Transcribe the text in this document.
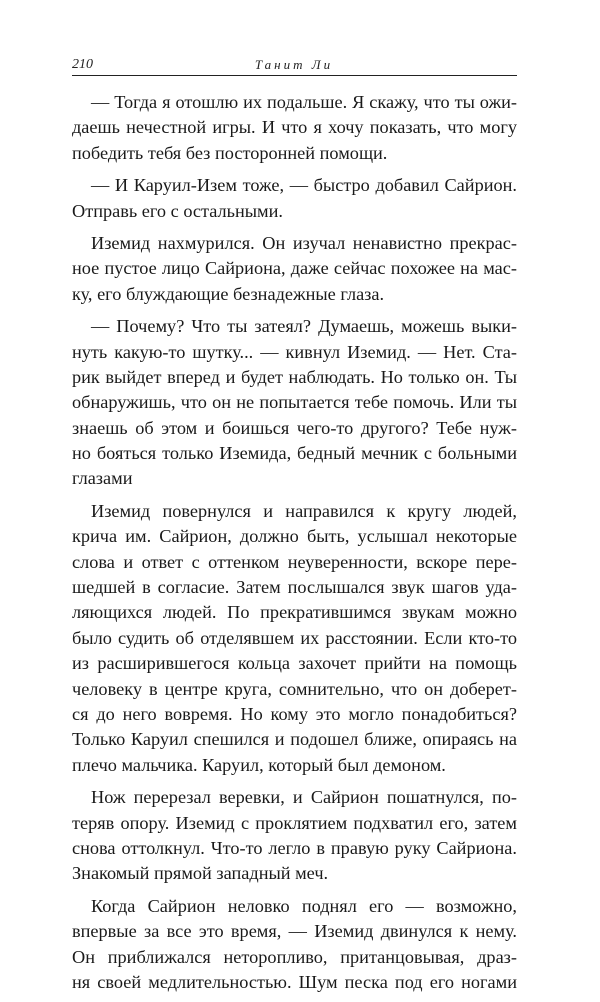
210	Танит Ли
— Тогда я отошлю их подальше. Я скажу, что ты ожи-
даешь нечестной игры. И что я хочу показать, что могу
победить тебя без посторонней помощи.
— И Каруил-Изем тоже, — быстро добавил Сайрион.
Отправь его с остальными.
Иземид нахмурился. Он изучал ненавистно прекрас-
ное пустое лицо Сайриона, даже сейчас похожее на мас-
ку, его блуждающие безнадежные глаза.
— Почему? Что ты затеял? Думаешь, можешь выки-
нуть какую-то шутку... — кивнул Иземид. — Нет. Ста-
рик выйдет вперед и будет наблюдать. Но только он. Ты
обнаружишь, что он не попытается тебе помочь. Или ты
знаешь об этом и боишься чего-то другого? Тебе нуж-
но бояться только Иземида, бедный мечник с больными
глазами
Иземид повернулся и направился к кругу людей,
крича им. Сайрион, должно быть, услышал некоторые
слова и ответ с оттенком неуверенности, вскоре пере-
шедшей в согласие. Затем послышался звук шагов уда-
ляющихся людей. По прекратившимся звукам можно
было судить об отделявшем их расстоянии. Если кто-то
из расширившегося кольца захочет прийти на помощь
человеку в центре круга, сомнительно, что он доберет-
ся до него вовремя. Но кому это могло понадобиться?
Только Каруил спешился и подошел ближе, опираясь на
плечо мальчика. Каруил, который был демоном.
Нож перерезал веревки, и Сайрион пошатнулся, по-
теряв опору. Иземид с проклятием подхватил его, затем
снова оттолкнул. Что-то легло в правую руку Сайриона.
Знакомый прямой западный меч.
Когда Сайрион неловко поднял его — возможно,
впервые за все это время, — Иземид двинулся к нему.
Он приближался неторопливо, пританцовывая, драз-
ня своей медлительностью. Шум песка под его ногами
